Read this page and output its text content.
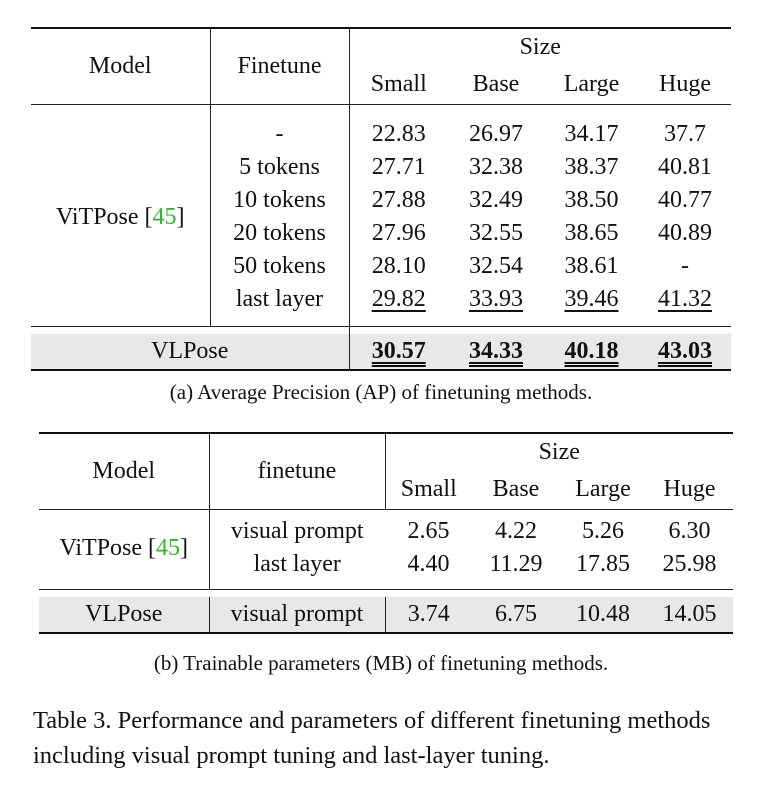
Model	Finetune	Size			
		Small	Base	Large	Huge

ViTPose [45]	-	22.83	26.97	34.17	37.7
	5 tokens	27.71	32.38	38.37	40.81
	10 tokens	27.88	32.49	38.50	40.77
	20 tokens	27.96	32.55	38.65	40.89
	50 tokens	28.10	32.54	38.61	-
	last layer	29.82	33.93	39.46	41.32

VLPose		30.57	34.33	40.18	43.03
(a) Average Precision (AP) of finetuning methods.
Model	finetune	Size			
		Small	Base	Large	Huge

ViTPose [45]	visual prompt	2.65	4.22	5.26	6.30
	last layer	4.40	11.29	17.85	25.98

VLPose	visual prompt	3.74	6.75	10.48	14.05
(b) Trainable parameters (MB) of finetuning methods.
Table 3. Performance and parameters of different finetuning methods including visual prompt tuning and last-layer tuning.
